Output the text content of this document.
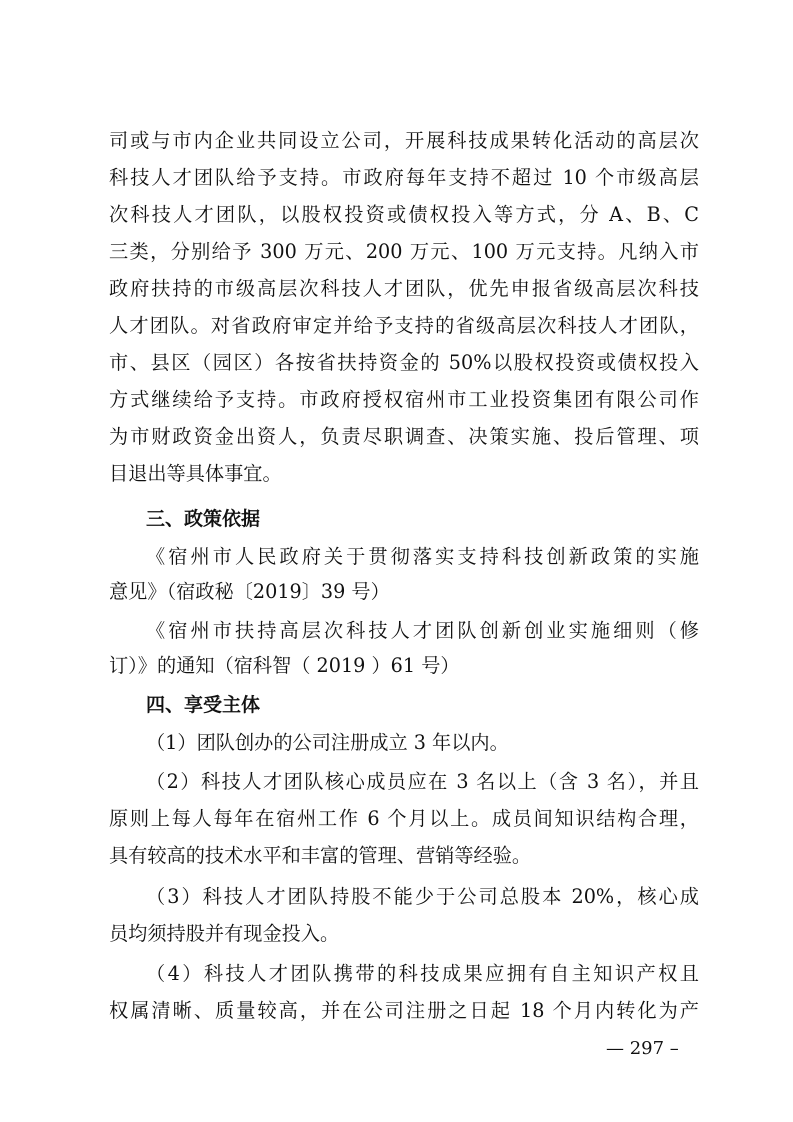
司或与市内企业共同设立公司，开展科技成果转化活动的高层次
科技人才团队给予支持。市政府每年支持不超过 10 个市级高层
次科技人才团队，以股权投资或债权投入等方式，分 A、B、C
三类，分别给予 300 万元、200 万元、100 万元支持。凡纳入市
政府扶持的市级高层次科技人才团队，优先申报省级高层次科技
人才团队。对省政府审定并给予支持的省级高层次科技人才团队，
市、县区（园区）各按省扶持资金的 50%以股权投资或债权投入
方式继续给予支持。市政府授权宿州市工业投资集团有限公司作
为市财政资金出资人，负责尽职调查、决策实施、投后管理、项
目退出等具体事宜。
三、政策依据
《宿州市人民政府关于贯彻落实支持科技创新政策的实施
意见》（宿政秘〔2019〕39 号）
《宿州市扶持高层次科技人才团队创新创业实施细则（修
订）》的通知（宿科智（ 2019 ）61 号）
四、享受主体
（1）团队创办的公司注册成立 3 年以内。
（2）科技人才团队核心成员应在 3 名以上（含 3 名），并且
原则上每人每年在宿州工作 6 个月以上。成员间知识结构合理，
具有较高的技术水平和丰富的管理、营销等经验。
（3）科技人才团队持股不能少于公司总股本 20%，核心成
员均须持股并有现金投入。
（4）科技人才团队携带的科技成果应拥有自主知识产权且
权属清晰、质量较高，并在公司注册之日起 18 个月内转化为产
— 297 –
